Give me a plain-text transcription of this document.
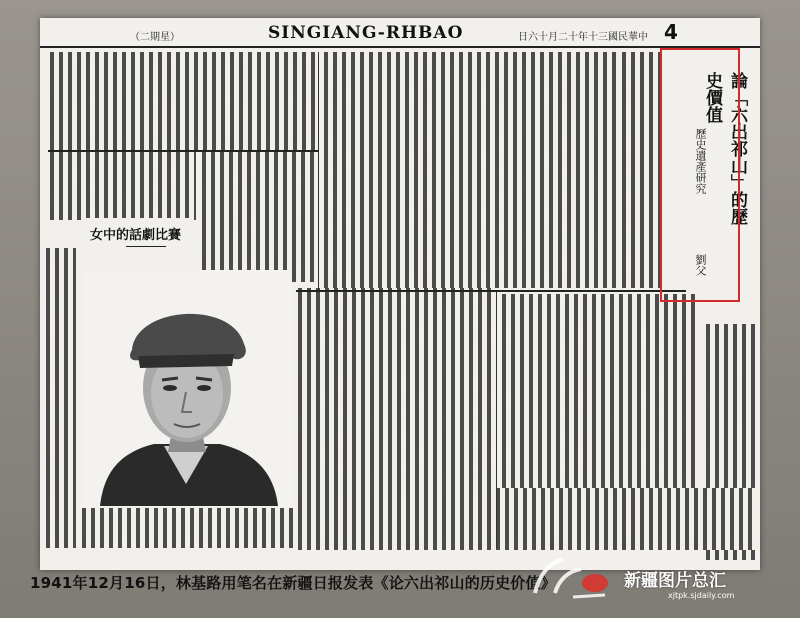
（二期星）	SINGIANG-RHBAO	日六十月二十年十三國民華中 4
女中的話劇比賽
論「六出祁山」的歷史價值
歷史遺產研究
劉父
1941年12月16日，林基路用笔名在新疆日报发表《论六出祁山的历史价值》	新疆图片总汇
xjtpk.sjdaily.com
